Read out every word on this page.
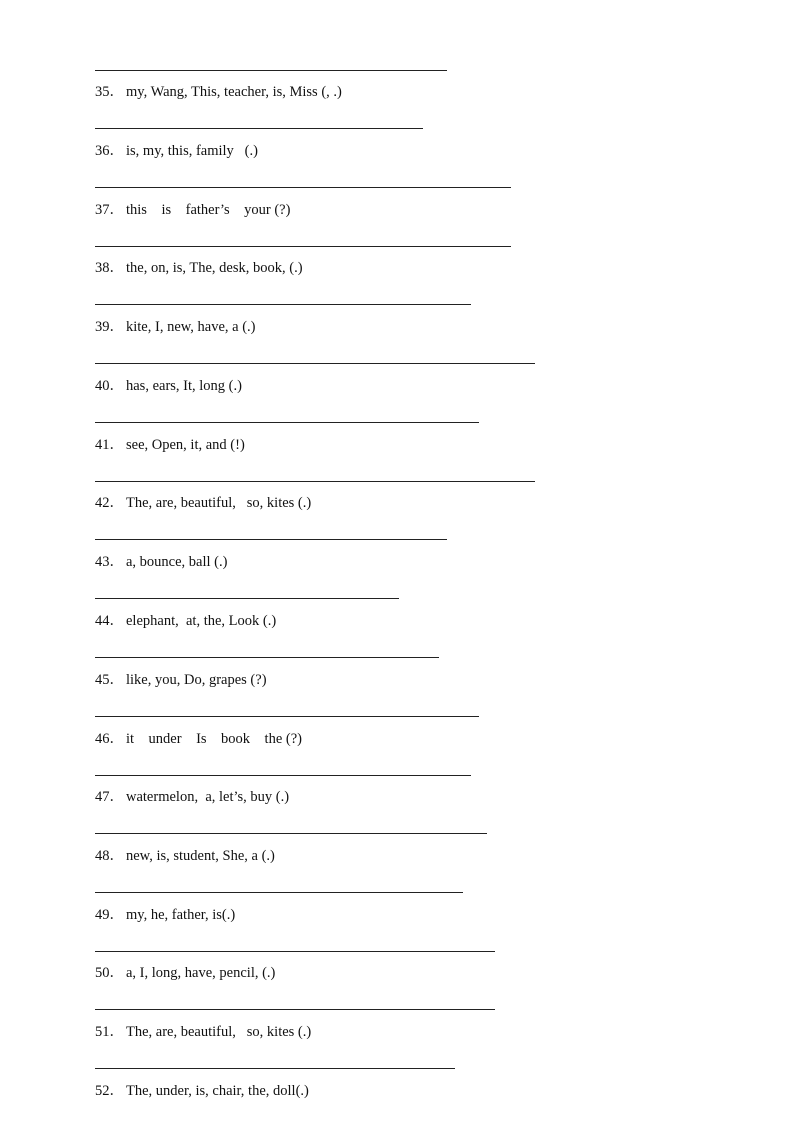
35． my, Wang, This, teacher, is, Miss (, .)
36． is, my, this, family   (.)
37． this    is    father’s    your (?)
38． the, on, is, The, desk, book, (.)
39． kite, I, new, have, a (.)
40． has, ears, It, long (.)
41． see, Open, it, and (!)
42． The, are, beautiful,   so, kites (.)
43． a, bounce, ball (.)
44． elephant,  at, the, Look (.)
45． like, you, Do, grapes (?)
46． it    under    Is    book    the (?)
47． watermelon,  a, let’s, buy (.)
48． new, is, student, She, a (.)
49． my, he, father, is(.)
50． a, I, long, have, pencil, (.)
51． The, are, beautiful,   so, kites (.)
52． The, under, is, chair, the, doll(.)
